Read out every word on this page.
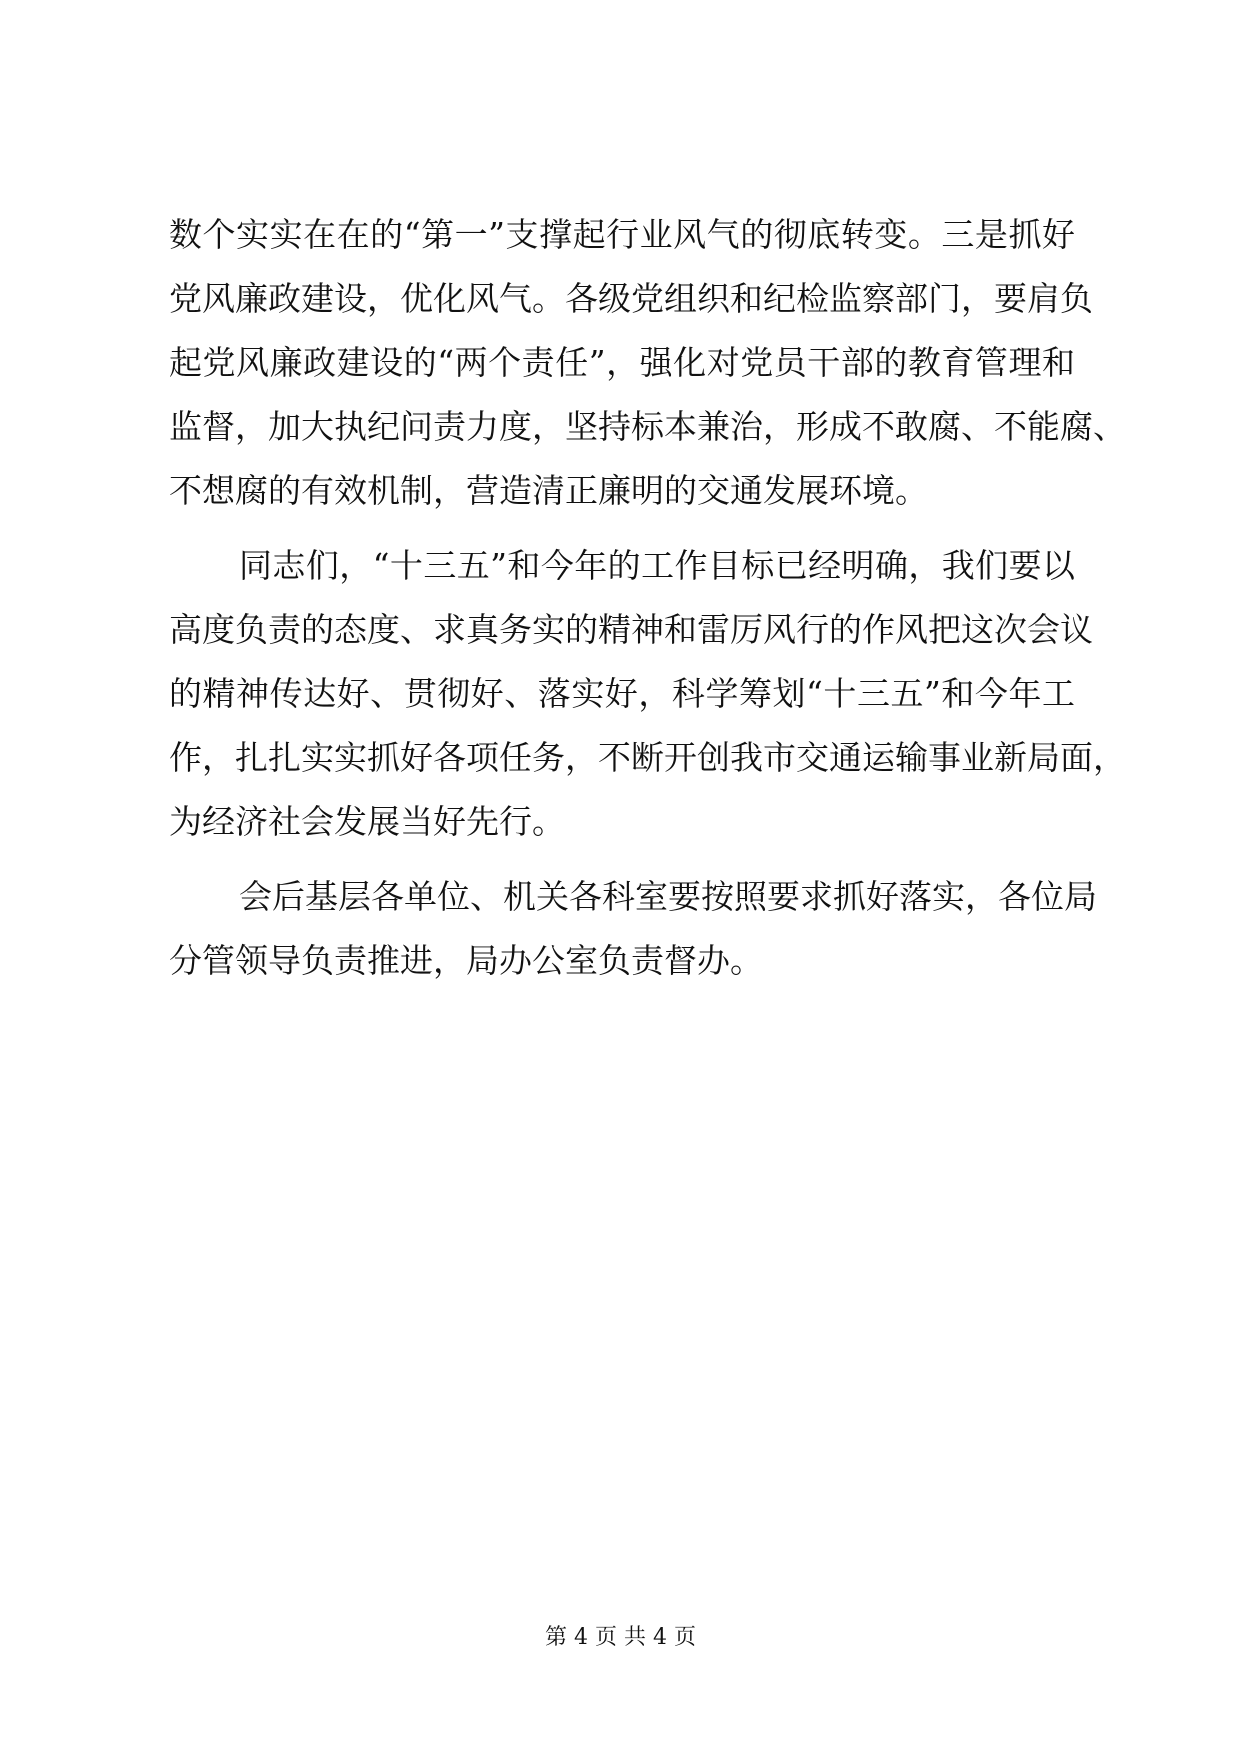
数个实实在在的“第一”支撑起行业风气的彻底转变。三是抓好

党风廉政建设，优化风气。各级党组织和纪检监察部门，要肩负

起党风廉政建设的“两个责任”，强化对党员干部的教育管理和

监督，加大执纪问责力度，坚持标本兼治，形成不敢腐、不能腐、

不想腐的有效机制，营造清正廉明的交通发展环境。

同志们，“十三五”和今年的工作目标已经明确，我们要以

高度负责的态度、求真务实的精神和雷厉风行的作风把这次会议

的精神传达好、贯彻好、落实好，科学筹划“十三五”和今年工

作，扎扎实实抓好各项任务，不断开创我市交通运输事业新局面，

为经济社会发展当好先行。

会后基层各单位、机关各科室要按照要求抓好落实，各位局

分管领导负责推进，局办公室负责督办。

第 4 页 共 4 页
